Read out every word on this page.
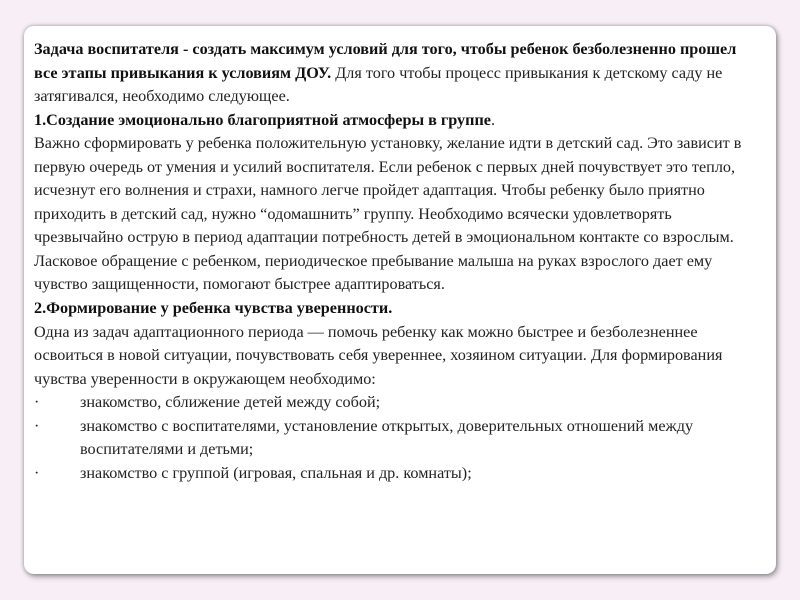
Задача воспитателя - создать максимум условий для того, чтобы ребенок безболезненно прошел все этапы привыкания к условиям ДОУ. Для того чтобы процесс привыкания к детскому саду не затягивался, необходимо следующее.

1.Создание эмоционально благоприятной атмосферы в группе.

Важно сформировать у ребенка положительную установку, желание идти в детский сад. Это зависит в первую очередь от умения и усилий воспитателя. Если ребенок с первых дней почувствует это тепло, исчезнут его волнения и страхи, намного легче пройдет адаптация. Чтобы ребенку было приятно приходить в детский сад, нужно “одомашнить” группу. Необходимо всячески удовлетворять чрезвычайно острую в период адаптации потребность детей в эмоциональном контакте со взрослым. Ласковое обращение с ребенком, периодическое пребывание малыша на руках взрослого дает ему чувство защищенности, помогают быстрее адаптироваться.

2.Формирование у ребенка чувства уверенности.

Одна из задач адаптационного периода — помочь ребенку как можно быстрее и безболезненнее освоиться в новой ситуации, почувствовать себя увереннее, хозяином ситуации. Для формирования чувства уверенности в окружающем необходимо:

·	знакомство, сближение детей между собой;
·	знакомство с воспитателями, установление открытых, доверительных отношений между воспитателями и детьми;
·	знакомство с группой (игровая, спальная и др. комнаты);
